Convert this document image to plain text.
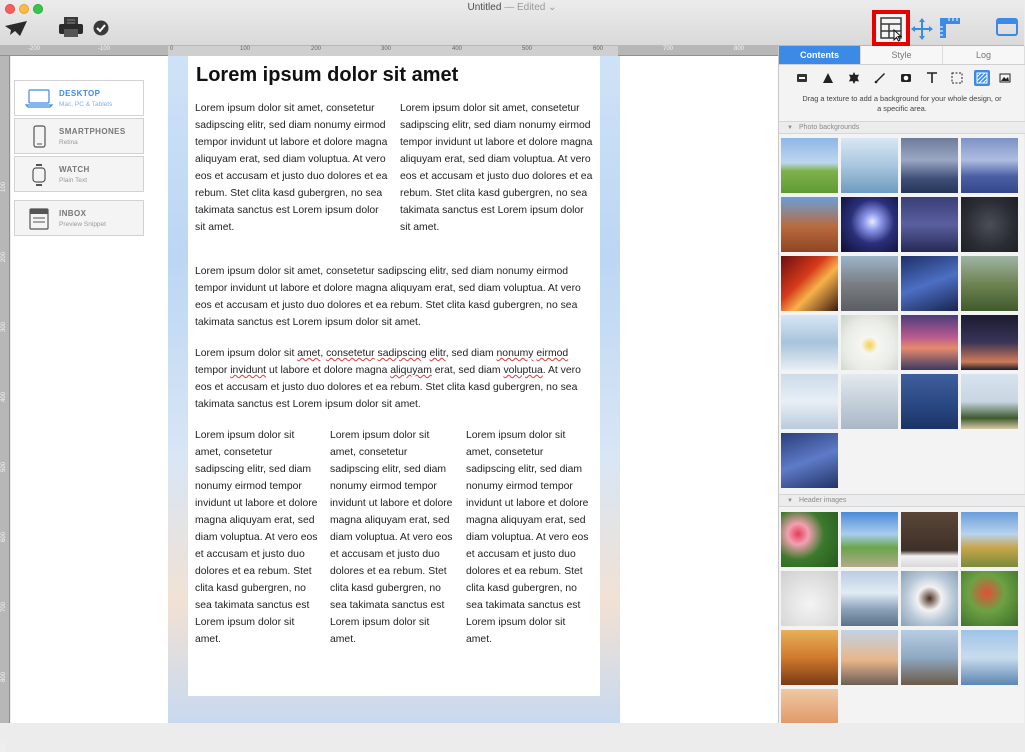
Untitled — Edited ⌄
-200	-100	0	100	200	300	400	500	600	700	800
100
200
300
400
500
600
700
800
900
DESKTOP
Mac, PC & Tablets
SMARTPHONES
Retina
WATCH
Plain Text
INBOX
Preview Snippet
Lorem ipsum dolor sit amet
Lorem ipsum dolor sit amet, consetetur sadipscing elitr, sed diam nonumy eirmod tempor invidunt ut labore et dolore magna aliquyam erat, sed diam voluptua. At vero eos et accusam et justo duo dolores et ea rebum. Stet clita kasd gubergren, no sea takimata sanctus est Lorem ipsum dolor sit amet.
Lorem ipsum dolor sit amet, consetetur sadipscing elitr, sed diam nonumy eirmod tempor invidunt ut labore et dolore magna aliquyam erat, sed diam voluptua. At vero eos et accusam et justo duo dolores et ea rebum. Stet clita kasd gubergren, no sea takimata sanctus est Lorem ipsum dolor sit amet.
Lorem ipsum dolor sit amet, consetetur sadipscing elitr, sed diam nonumy eirmod tempor invidunt ut labore et dolore magna aliquyam erat, sed diam voluptua. At vero eos et accusam et justo duo dolores et ea rebum. Stet clita kasd gubergren, no sea takimata sanctus est Lorem ipsum dolor sit amet.
Lorem ipsum dolor sit amet, consetetur sadipscing elitr, sed diam nonumy eirmod tempor invidunt ut labore et dolore magna aliquyam erat, sed diam voluptua. At vero eos et accusam et justo duo dolores et ea rebum. Stet clita kasd gubergren, no sea takimata sanctus est Lorem ipsum dolor sit amet.
Lorem ipsum dolor sit amet, consetetur sadipscing elitr, sed diam nonumy eirmod tempor invidunt ut labore et dolore magna aliquyam erat, sed diam voluptua. At vero eos et accusam et justo duo dolores et ea rebum. Stet clita kasd gubergren, no sea takimata sanctus est Lorem ipsum dolor sit amet.
Lorem ipsum dolor sit amet, consetetur sadipscing elitr, sed diam nonumy eirmod tempor invidunt ut labore et dolore magna aliquyam erat, sed diam voluptua. At vero eos et accusam et justo duo dolores et ea rebum. Stet clita kasd gubergren, no sea takimata sanctus est Lorem ipsum dolor sit amet.
Lorem ipsum dolor sit amet, consetetur sadipscing elitr, sed diam nonumy eirmod tempor invidunt ut labore et dolore magna aliquyam erat, sed diam voluptua. At vero eos et accusam et justo duo dolores et ea rebum. Stet clita kasd gubergren, no sea takimata sanctus est Lorem ipsum dolor sit amet.
Contents	Style	Log
Drag a texture to add a background for your whole design, or a specific area.
▼ Photo backgrounds
▼ Header images
